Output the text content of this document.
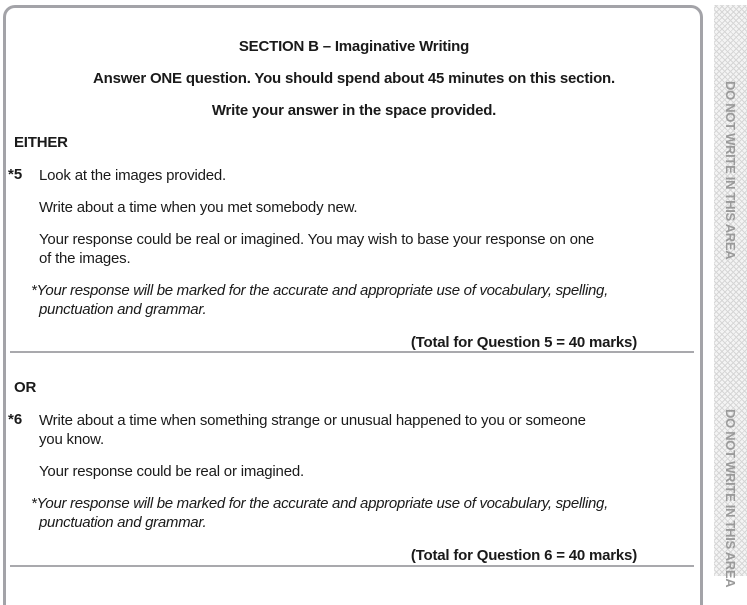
DO NOT WRITE IN THIS AREA
DO NOT WRITE IN THIS AREA
SECTION B – Imaginative Writing
Answer ONE question. You should spend about 45 minutes on this section.
Write your answer in the space provided.
EITHER
*5 Look at the images provided.
Write about a time when you met somebody new.
Your response could be real or imagined. You may wish to base your response on one
of the images.
*Your response will be marked for the accurate and appropriate use of vocabulary, spelling,
punctuation and grammar.
(Total for Question 5 = 40 marks)
OR
*6 Write about a time when something strange or unusual happened to you or someone
you know.
Your response could be real or imagined.
*Your response will be marked for the accurate and appropriate use of vocabulary, spelling,
punctuation and grammar.
(Total for Question 6 = 40 marks)
